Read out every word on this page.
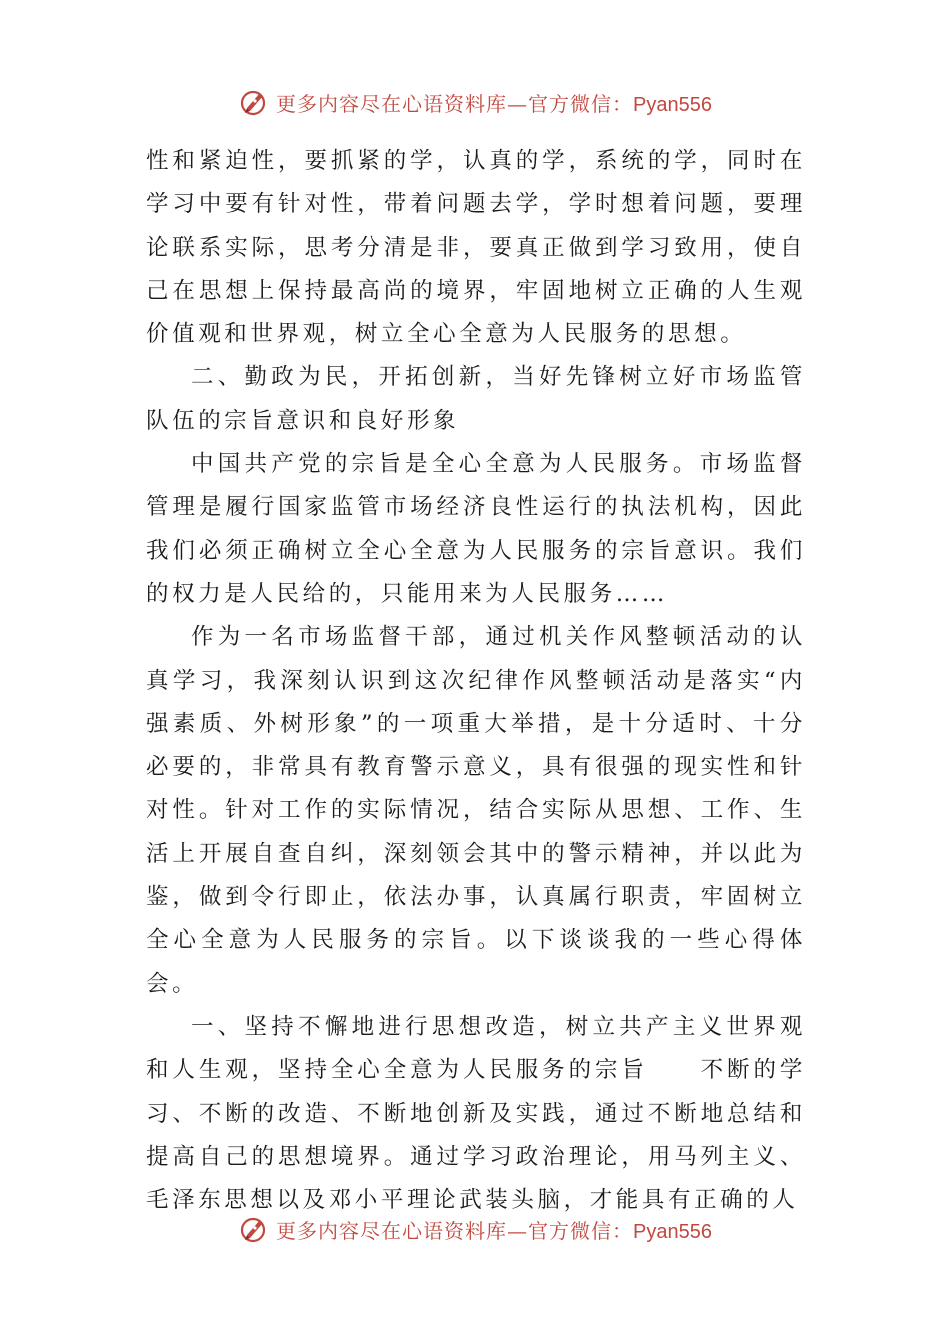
更多内容尽在心语资料库—官方微信：Pyan556

性和紧迫性，要抓紧的学，认真的学，系统的学，同时在学习中要有针对性，带着问题去学，学时想着问题，要理论联系实际，思考分清是非，要真正做到学习致用，使自己在思想上保持最高尚的境界，牢固地树立正确的人生观价值观和世界观，树立全心全意为人民服务的思想。

二、勤政为民，开拓创新，当好先锋树立好市场监管队伍的宗旨意识和良好形象

中国共产党的宗旨是全心全意为人民服务。市场监督管理是履行国家监管市场经济良性运行的执法机构，因此我们必须正确树立全心全意为人民服务的宗旨意识。我们的权力是人民给的，只能用来为人民服务……

作为一名市场监督干部，通过机关作风整顿活动的认真学习，我深刻认识到这次纪律作风整顿活动是落实“内强素质、外树形象”的一项重大举措，是十分适时、十分必要的，非常具有教育警示意义，具有很强的现实性和针对性。针对工作的实际情况，结合实际从思想、工作、生活上开展自查自纠，深刻领会其中的警示精神，并以此为鉴，做到令行即止，依法办事，认真属行职责，牢固树立全心全意为人民服务的宗旨。以下谈谈我的一些心得体会。

一、坚持不懈地进行思想改造，树立共产主义世界观和人生观，坚持全心全意为人民服务的宗旨　　不断的学习、不断的改造、不断地创新及实践，通过不断地总结和提高自己的思想境界。通过学习政治理论，用马列主义、毛泽东思想以及邓小平理论武装头脑，才能具有正确的人

更多内容尽在心语资料库—官方微信：Pyan556
